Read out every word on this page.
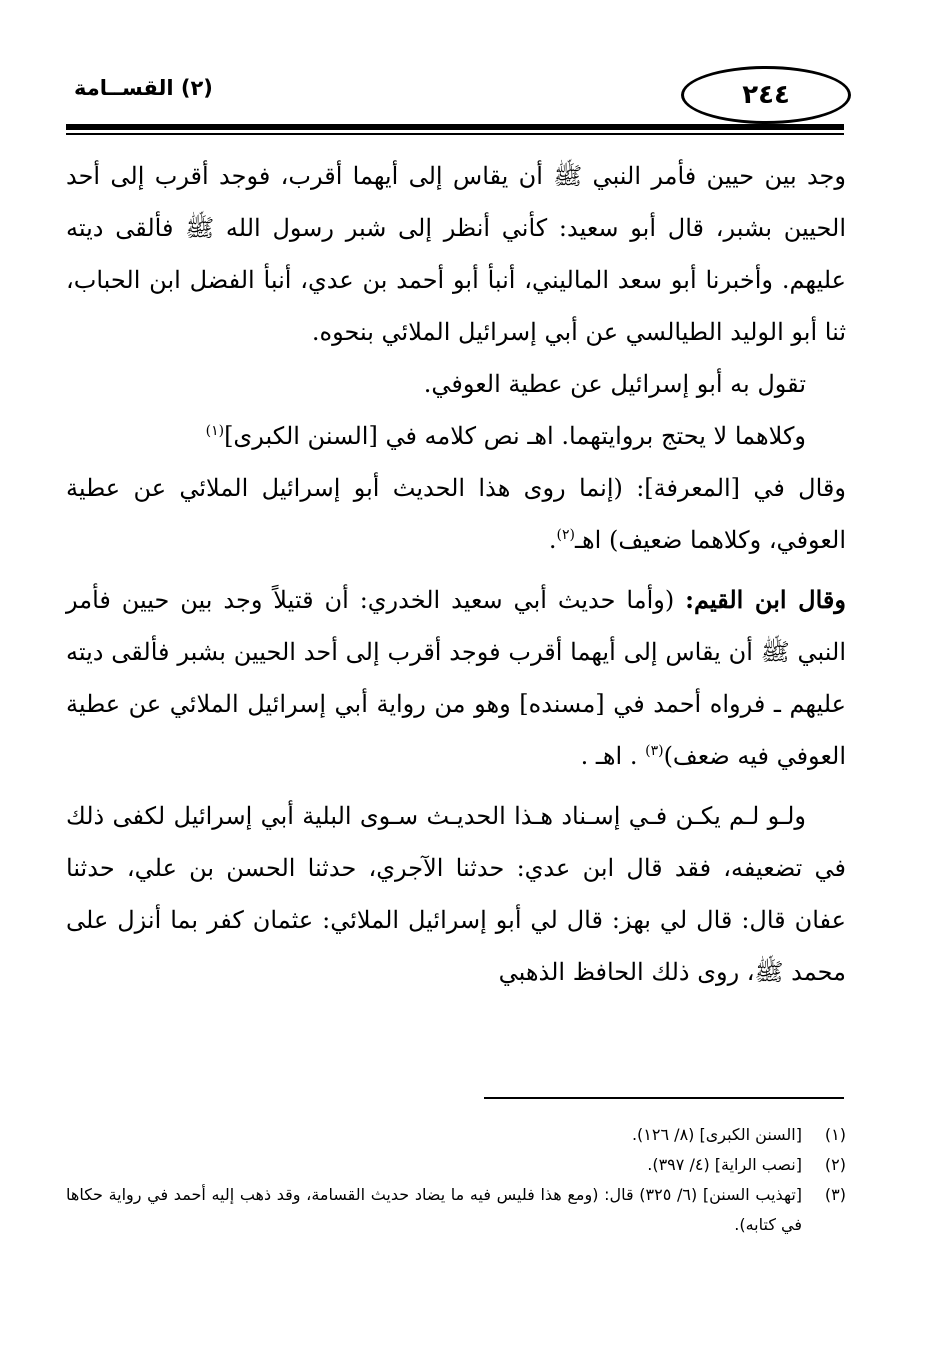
٢٤٤
(٢) القســامة

وجد بين حيين فأمر النبي ﷺ أن يقاس إلى أيهما أقرب، فوجد أقرب إلى أحد الحيين بشبر، قال أبو سعيد: كأني أنظر إلى شبر رسول الله ﷺ فألقى ديته عليهم. وأخبرنا أبو سعد الماليني، أنبأ أبو أحمد بن عدي، أنبأ الفضل ابن الحباب، ثنا أبو الوليد الطيالسي عن أبي إسرائيل الملائي بنحوه.

تقول به أبو إسرائيل عن عطية العوفي.

وكلاهما لا يحتج بروايتهما. اهـ نص كلامه في [السنن الكبرى]$^{(١)}$

وقال في [المعرفة]: (إنما روى هذا الحديث أبو إسرائيل الملائي عن عطية العوفي، وكلاهما ضعيف) اهـ$^{(٢)}$.

وقال ابن القيم: (وأما حديث أبي سعيد الخدري: أن قتيلاً وجد بين حيين فأمر النبي ﷺ أن يقاس إلى أيهما أقرب فوجد أقرب إلى أحد الحيين بشبر فألقى ديته عليهم ـ فرواه أحمد في [مسنده] وهو من رواية أبي إسرائيل الملائي عن عطية العوفي فيه ضعف)$^{(٣)}$ . اهـ .

ولـو لـم يكـن فـي إسـناد هـذا الحديـث سـوى البلية أبي إسرائيل لكفى ذلك في تضعيفه، فقد قال ابن عدي: حدثنا الآجري، حدثنا الحسن بن علي، حدثنا عفان قال: قال لي بهز: قال لي أبو إسرائيل الملائي: عثمان كفر بما أنزل على محمد ﷺ، روى ذلك الحافظ الذهبي

(١)
[السنن الكبرى] (٨/ ١٢٦).

(٢)
[نصب الراية] (٤/ ٣٩٧).

(٣)
[تهذيب السنن] (٦/ ٣٢٥) قال: (ومع هذا فليس فيه ما يضاد حديث القسامة، وقد ذهب إليه أحمد في رواية حكاها في كتابه).
